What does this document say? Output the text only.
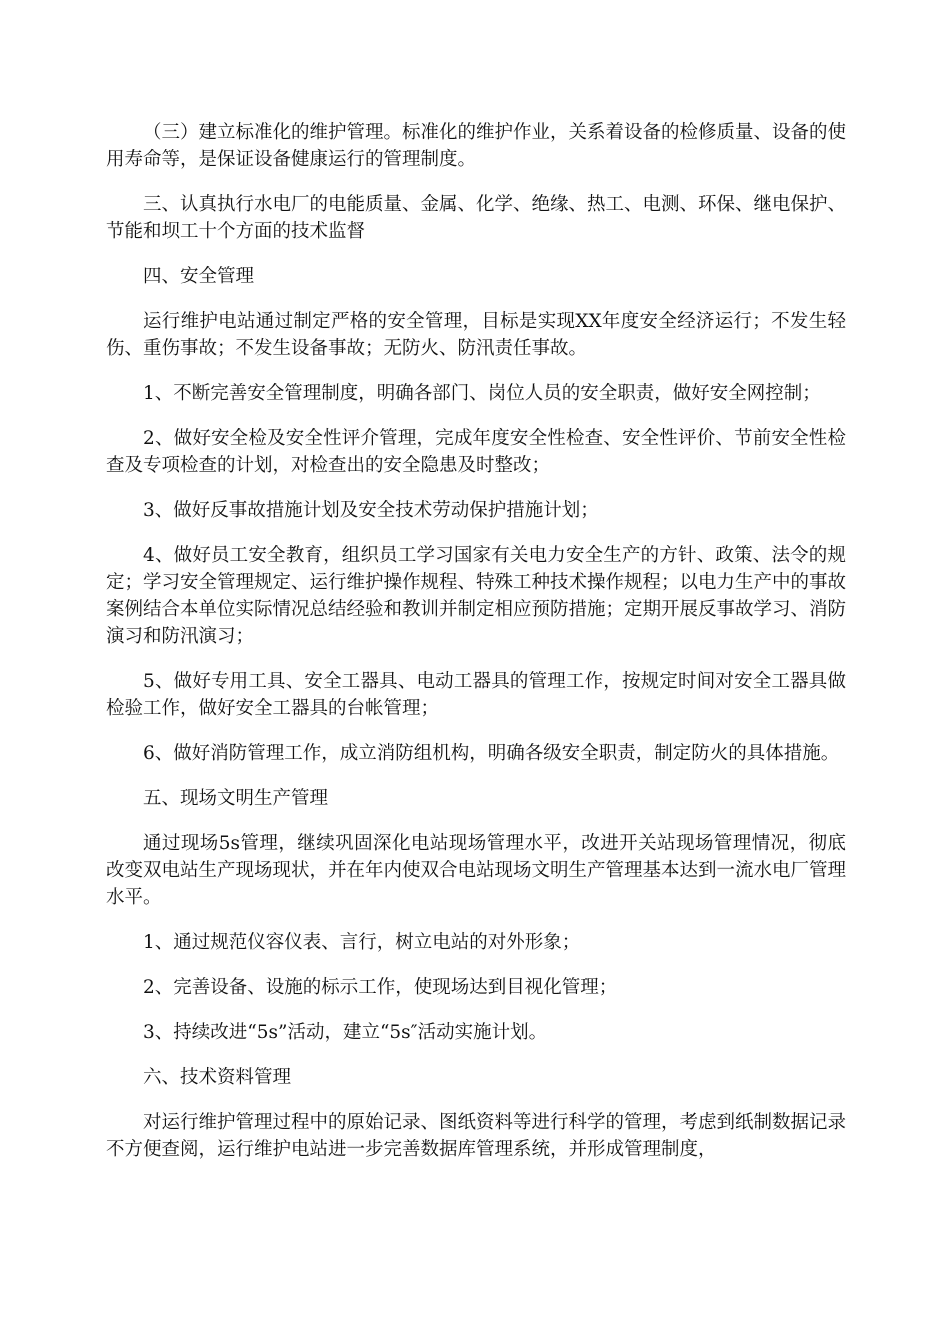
（三）建立标准化的维护管理。标准化的维护作业，关系着设备的检修质量、设备的使用寿命等，是保证设备健康运行的管理制度。

三、认真执行水电厂的电能质量、金属、化学、绝缘、热工、电测、环保、继电保护、节能和坝工十个方面的技术监督

四、安全管理

运行维护电站通过制定严格的安全管理，目标是实现XX年度安全经济运行；不发生轻伤、重伤事故；不发生设备事故；无防火、防汛责任事故。

1、不断完善安全管理制度，明确各部门、岗位人员的安全职责，做好安全网控制；

2、做好安全检及安全性评介管理，完成年度安全性检查、安全性评价、节前安全性检查及专项检查的计划，对检查出的安全隐患及时整改；

3、做好反事故措施计划及安全技术劳动保护措施计划；

4、做好员工安全教育，组织员工学习国家有关电力安全生产的方针、政策、法令的规定；学习安全管理规定、运行维护操作规程、特殊工种技术操作规程；以电力生产中的事故案例结合本单位实际情况总结经验和教训并制定相应预防措施；定期开展反事故学习、消防演习和防汛演习；

5、做好专用工具、安全工器具、电动工器具的管理工作，按规定时间对安全工器具做检验工作，做好安全工器具的台帐管理；

6、做好消防管理工作，成立消防组机构，明确各级安全职责，制定防火的具体措施。

五、现场文明生产管理

通过现场5s管理，继续巩固深化电站现场管理水平，改进开关站现场管理情况，彻底改变双电站生产现场现状，并在年内使双合电站现场文明生产管理基本达到一流水电厂管理水平。

1、通过规范仪容仪表、言行，树立电站的对外形象；

2、完善设备、设施的标示工作，使现场达到目视化管理；

3、持续改进“5s”活动，建立“5s″活动实施计划。

六、技术资料管理

对运行维护管理过程中的原始记录、图纸资料等进行科学的管理，考虑到纸制数据记录不方便查阅，运行维护电站进一步完善数据库管理系统，并形成管理制度，
